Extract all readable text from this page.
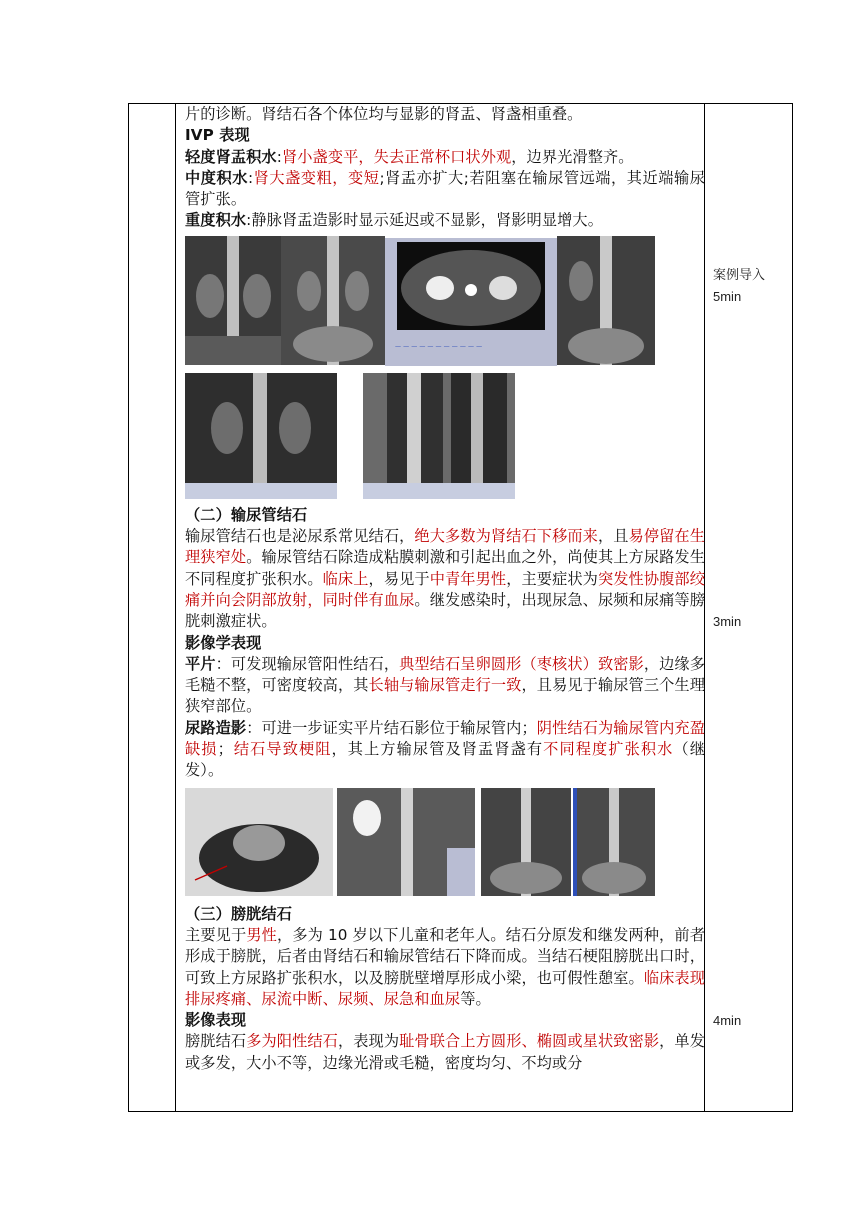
片的诊断。肾结石各个体位均与显影的肾盂、肾盏相重叠。

IVP 表现

轻度肾盂积水:肾小盏变平，失去正常杯口状外观，边界光滑整齐。

中度积水:肾大盏变粗，变短;肾盂亦扩大;若阻塞在输尿管远端，其近端输尿管扩张。

重度积水:静脉肾盂造影时显示延迟或不显影，肾影明显增大。

— — — — — — — — — — —

（二）输尿管结石

输尿管结石也是泌尿系常见结石，绝大多数为肾结石下移而来，且易停留在生理狭窄处。输尿管结石除造成粘膜刺激和引起出血之外，尚使其上方尿路发生不同程度扩张积水。临床上，易见于中青年男性，主要症状为突发性协腹部绞痛并向会阴部放射，同时伴有血尿。继发感染时，出现尿急、尿频和尿痛等膀胱刺激症状。

影像学表现

平片：可发现输尿管阳性结石，典型结石呈卵圆形（枣核状）致密影，边缘多毛糙不整，可密度较高，其长轴与输尿管走行一致，且易见于输尿管三个生理狭窄部位。

尿路造影：可进一步证实平片结石影位于输尿管内；阴性结石为输尿管内充盈缺损；结石导致梗阻，其上方输尿管及肾盂肾盏有不同程度扩张积水（继发）。

（三）膀胱结石

主要见于男性，多为 10 岁以下儿童和老年人。结石分原发和继发两种，前者形成于膀胱，后者由肾结石和输尿管结石下降而成。当结石梗阻膀胱出口时，可致上方尿路扩张积水，以及膀胱壁增厚形成小梁，也可假性憩室。临床表现排尿疼痛、尿流中断、尿频、尿急和血尿等。

影像表现

膀胱结石多为阳性结石，表现为耻骨联合上方圆形、椭圆或星状致密影，单发或多发，大小不等，边缘光滑或毛糙，密度均匀、不均或分

案例导入
5min
3min
4min
